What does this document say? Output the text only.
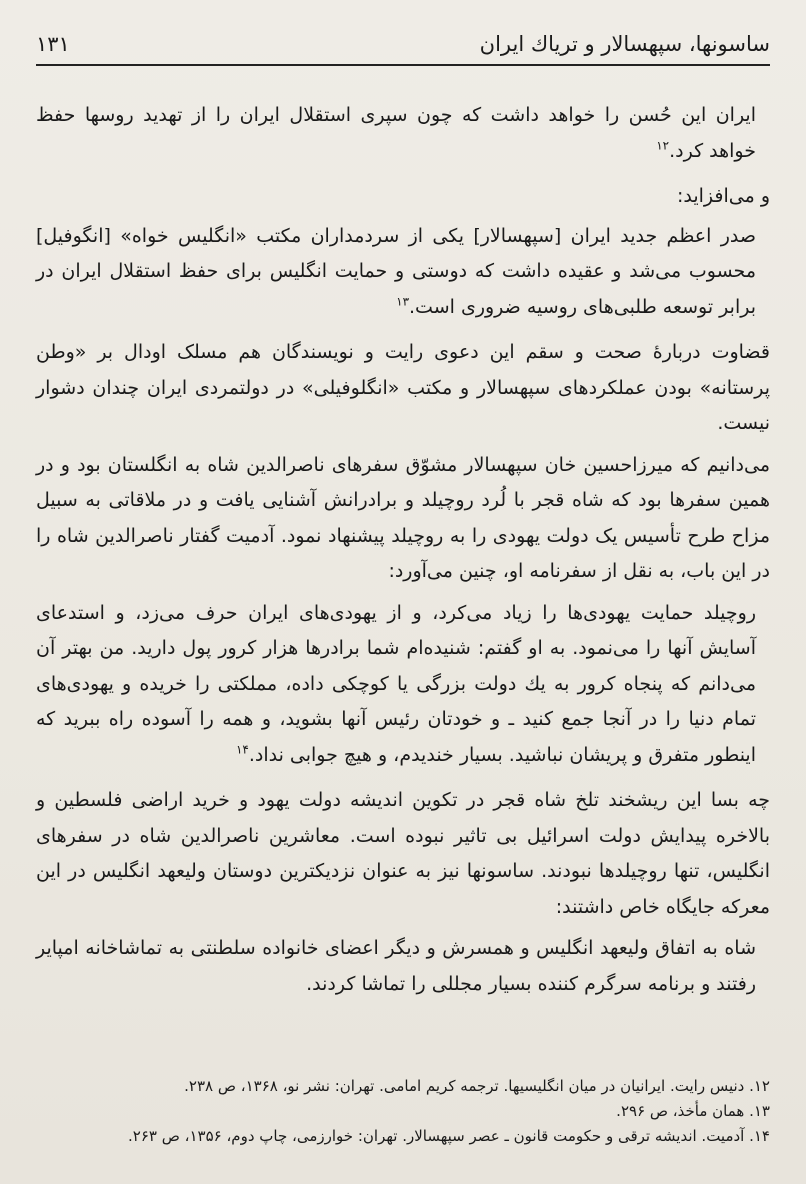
ساسونها، سپهسالار و تریاك ایران
۱۳۱

ایران این حُسن را خواهد داشت که چون سپری استقلال ایران را از تهدید روسها حفظ خواهد کرد.$^{۱۲}$

و می‌افزاید:

صدر اعظم جدید ایران [سپهسالار] یکی از سردمداران مکتب «انگلیس خواه» [انگوفیل] محسوب می‌شد و عقیده داشت که دوستی و حمایت انگلیس برای حفظ استقلال ایران در برابر توسعه طلبی‌های روسیه ضروری است.$^{۱۳}$

قضاوت دربارهٔ صحت و سقم این دعوی رایت و نویسندگان هم مسلک اودال بر «وطن پرستانه» بودن عملکردهای سپهسالار و مکتب «انگلوفیلی» در دولتمردی ایران چندان دشوار نیست.

می‌دانیم که میرزاحسین خان سپهسالار مشوّق سفرهای ناصرالدین شاه به انگلستان بود و در همین سفرها بود که شاه قجر با لُرد روچیلد و برادرانش آشنایی یافت و در ملاقاتی به سبیل مزاح طرح تأسیس یک دولت یهودی را به روچیلد پیشنهاد نمود. آدمیت گفتار ناصرالدین شاه را در این باب، به نقل از سفرنامه او، چنین می‌آورد:

روچیلد حمایت یهودی‌ها را زیاد می‌کرد، و از یهودی‌های ایران حرف می‌زد، و استدعای آسایش آنها را می‌نمود. به او گفتم: شنیده‌ام شما برادرها هزار کرور پول دارید. من بهتر آن می‌دانم که پنجاه کرور به یك دولت بزرگی یا کوچکی داده، مملکتی را خریده و یهودی‌های تمام دنیا را در آنجا جمع کنید ـ و خودتان رئیس آنها بشوید، و همه را آسوده راه ببرید که اینطور متفرق و پریشان نباشید. بسیار خندیدم، و هیچ جوابی نداد.$^{۱۴}$

چه بسا این ریشخند تلخ شاه قجر در تکوین اندیشه دولت یهود و خرید اراضی فلسطین و بالاخره پیدایش دولت اسرائیل بی تاثیر نبوده است. معاشرین ناصرالدین شاه در سفرهای انگلیس، تنها روچیلدها نبودند. ساسونها نیز به عنوان نزدیکترین دوستان ولیعهد انگلیس در این معرکه جایگاه خاص داشتند:

شاه به اتفاق ولیعهد انگلیس و همسرش و دیگر اعضای خانواده سلطنتی به تماشاخانه امپایر رفتند و برنامه سرگرم کننده بسیار مجللی را تماشا کردند.

۱۲. دنیس رایت. ایرانیان در میان انگلیسیها. ترجمه کریم امامی. تهران: نشر نو، ۱۳۶۸، ص ۲۳۸.
۱۳. همان مأخذ، ص ۲۹۶.
۱۴. آدمیت. اندیشه ترقی و حکومت قانون ـ عصر سپهسالار. تهران: خوارزمی، چاپ دوم، ۱۳۵۶، ص ۲۶۳.
